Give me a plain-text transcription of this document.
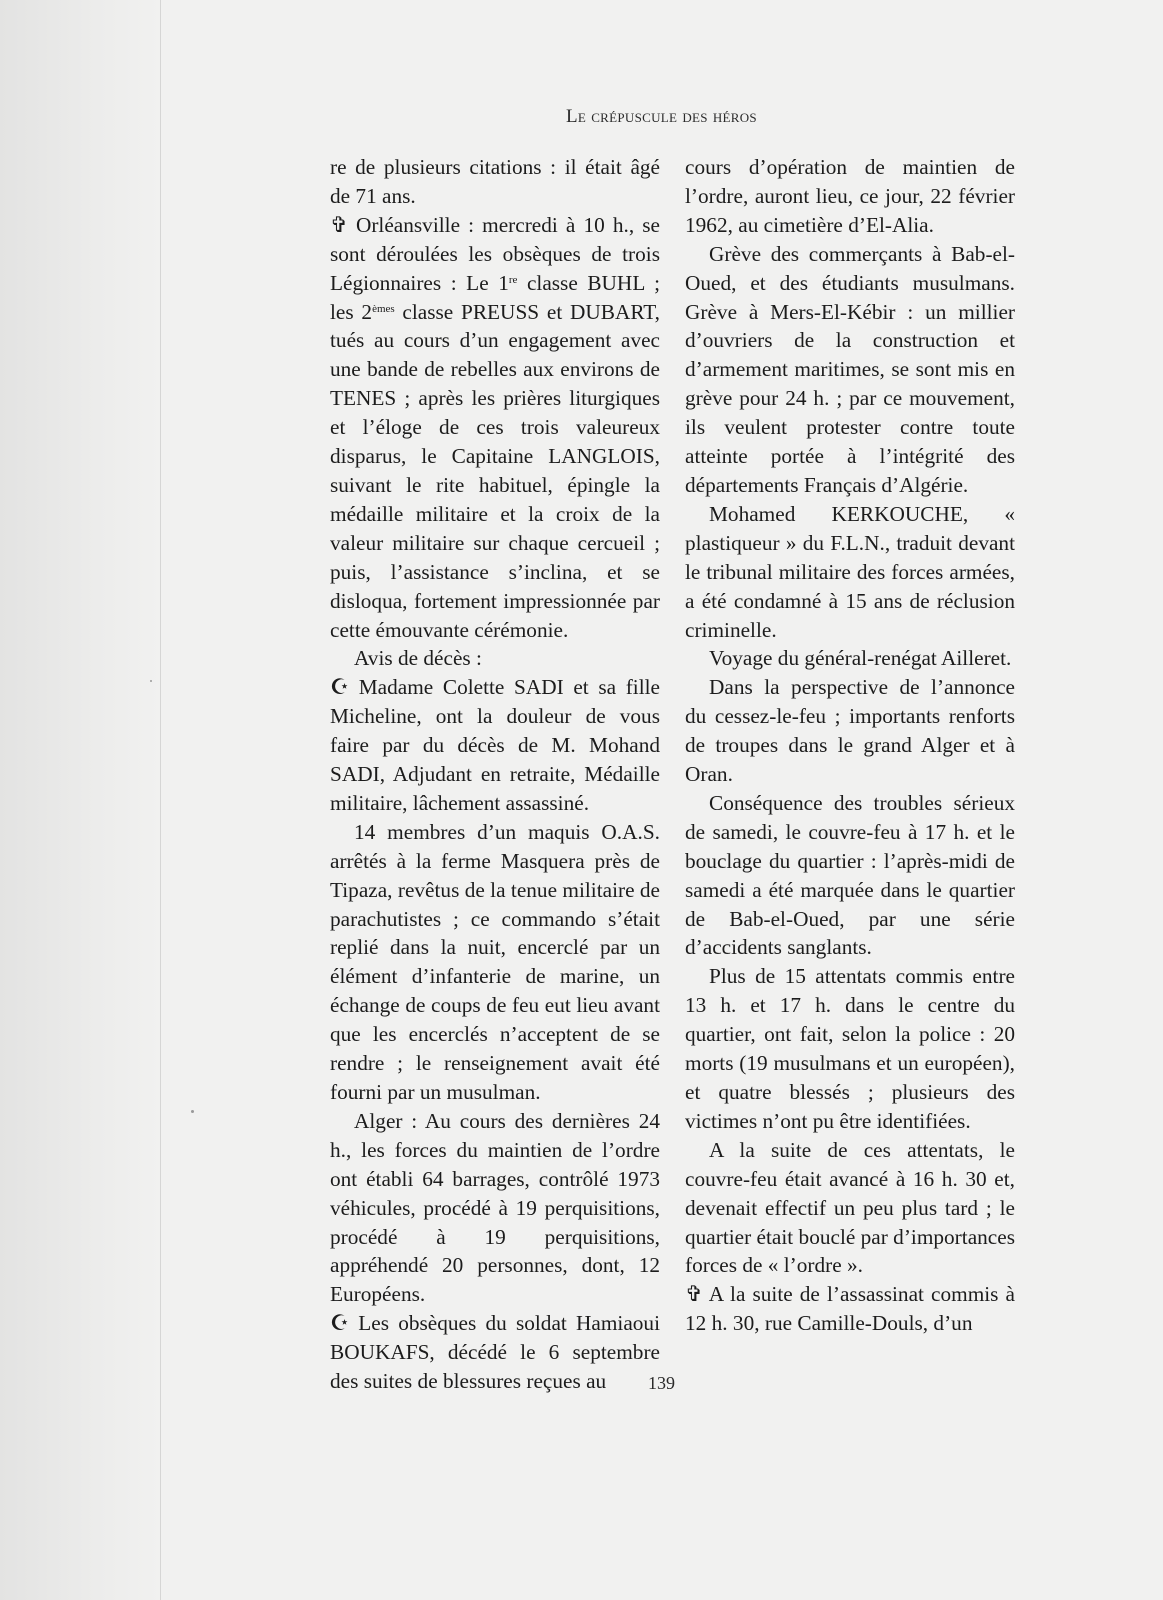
Le crépuscule des héros

re de plusieurs citations : il était âgé de 71 ans.

✞ Orléansville : mercredi à 10 h., se sont déroulées les obsèques de trois Légionnaires : Le 1re classe BUHL ; les 2èmes classe PREUSS et DUBART, tués au cours d’un engagement avec une bande de rebelles aux environs de TENES ; après les prières liturgiques et l’éloge de ces trois valeureux disparus, le Capitaine LANGLOIS, suivant le rite habituel, épingle la médaille militaire et la croix de la valeur militaire sur chaque cercueil ; puis, l’assistance s’inclina, et se disloqua, fortement impressionnée par cette émouvante cérémonie.

Avis de décès :

☪ Madame Colette SADI et sa fille Micheline, ont la douleur de vous faire par du décès de M. Mohand SADI, Adjudant en retraite, Médaille militaire, lâchement assassiné.

14 membres d’un maquis O.A.S. arrêtés à la ferme Masquera près de Tipaza, revêtus de la tenue militaire de parachutistes ; ce commando s’était replié dans la nuit, encerclé par un élément d’infanterie de marine, un échange de coups de feu eut lieu avant que les encerclés n’acceptent de se rendre ; le renseignement avait été fourni par un musulman.

Alger : Au cours des dernières 24 h., les forces du maintien de l’ordre ont établi 64 barrages, contrôlé 1973 véhicules, procédé à 19 perquisitions, procédé à 19 perquisitions, appréhendé 20 personnes, dont, 12 Européens.

☪ Les obsèques du soldat Hamiaoui BOUKAFS, décédé le 6 septembre des suites de blessures reçues au

cours d’opération de maintien de l’ordre, auront lieu, ce jour, 22 février 1962, au cimetière d’El-Alia.

Grève des commerçants à Bab-el-Oued, et des étudiants musulmans. Grève à Mers-El-Kébir : un millier d’ouvriers de la construction et d’armement maritimes, se sont mis en grève pour 24 h. ; par ce mouvement, ils veulent protester contre toute atteinte portée à l’intégrité des départements Français d’Algérie.

Mohamed KERKOUCHE, « plastiqueur » du F.L.N., traduit devant le tribunal militaire des forces armées, a été condamné à 15 ans de réclusion criminelle.

Voyage du général-renégat Ailleret.

Dans la perspective de l’annonce du cessez-le-feu ; importants renforts de troupes dans le grand Alger et à Oran.

Conséquence des troubles sérieux de samedi, le couvre-feu à 17 h. et le bouclage du quartier : l’après-midi de samedi a été marquée dans le quartier de Bab-el-Oued, par une série d’accidents sanglants.

Plus de 15 attentats commis entre 13 h. et 17 h. dans le centre du quartier, ont fait, selon la police : 20 morts (19 musulmans et un européen), et quatre blessés ; plusieurs des victimes n’ont pu être identifiées.

A la suite de ces attentats, le couvre-feu était avancé à 16 h. 30 et, devenait effectif un peu plus tard ; le quartier était bouclé par d’importances forces de « l’ordre ».

✞ A la suite de l’assassinat commis à 12 h. 30, rue Camille-Douls, d’un

139
